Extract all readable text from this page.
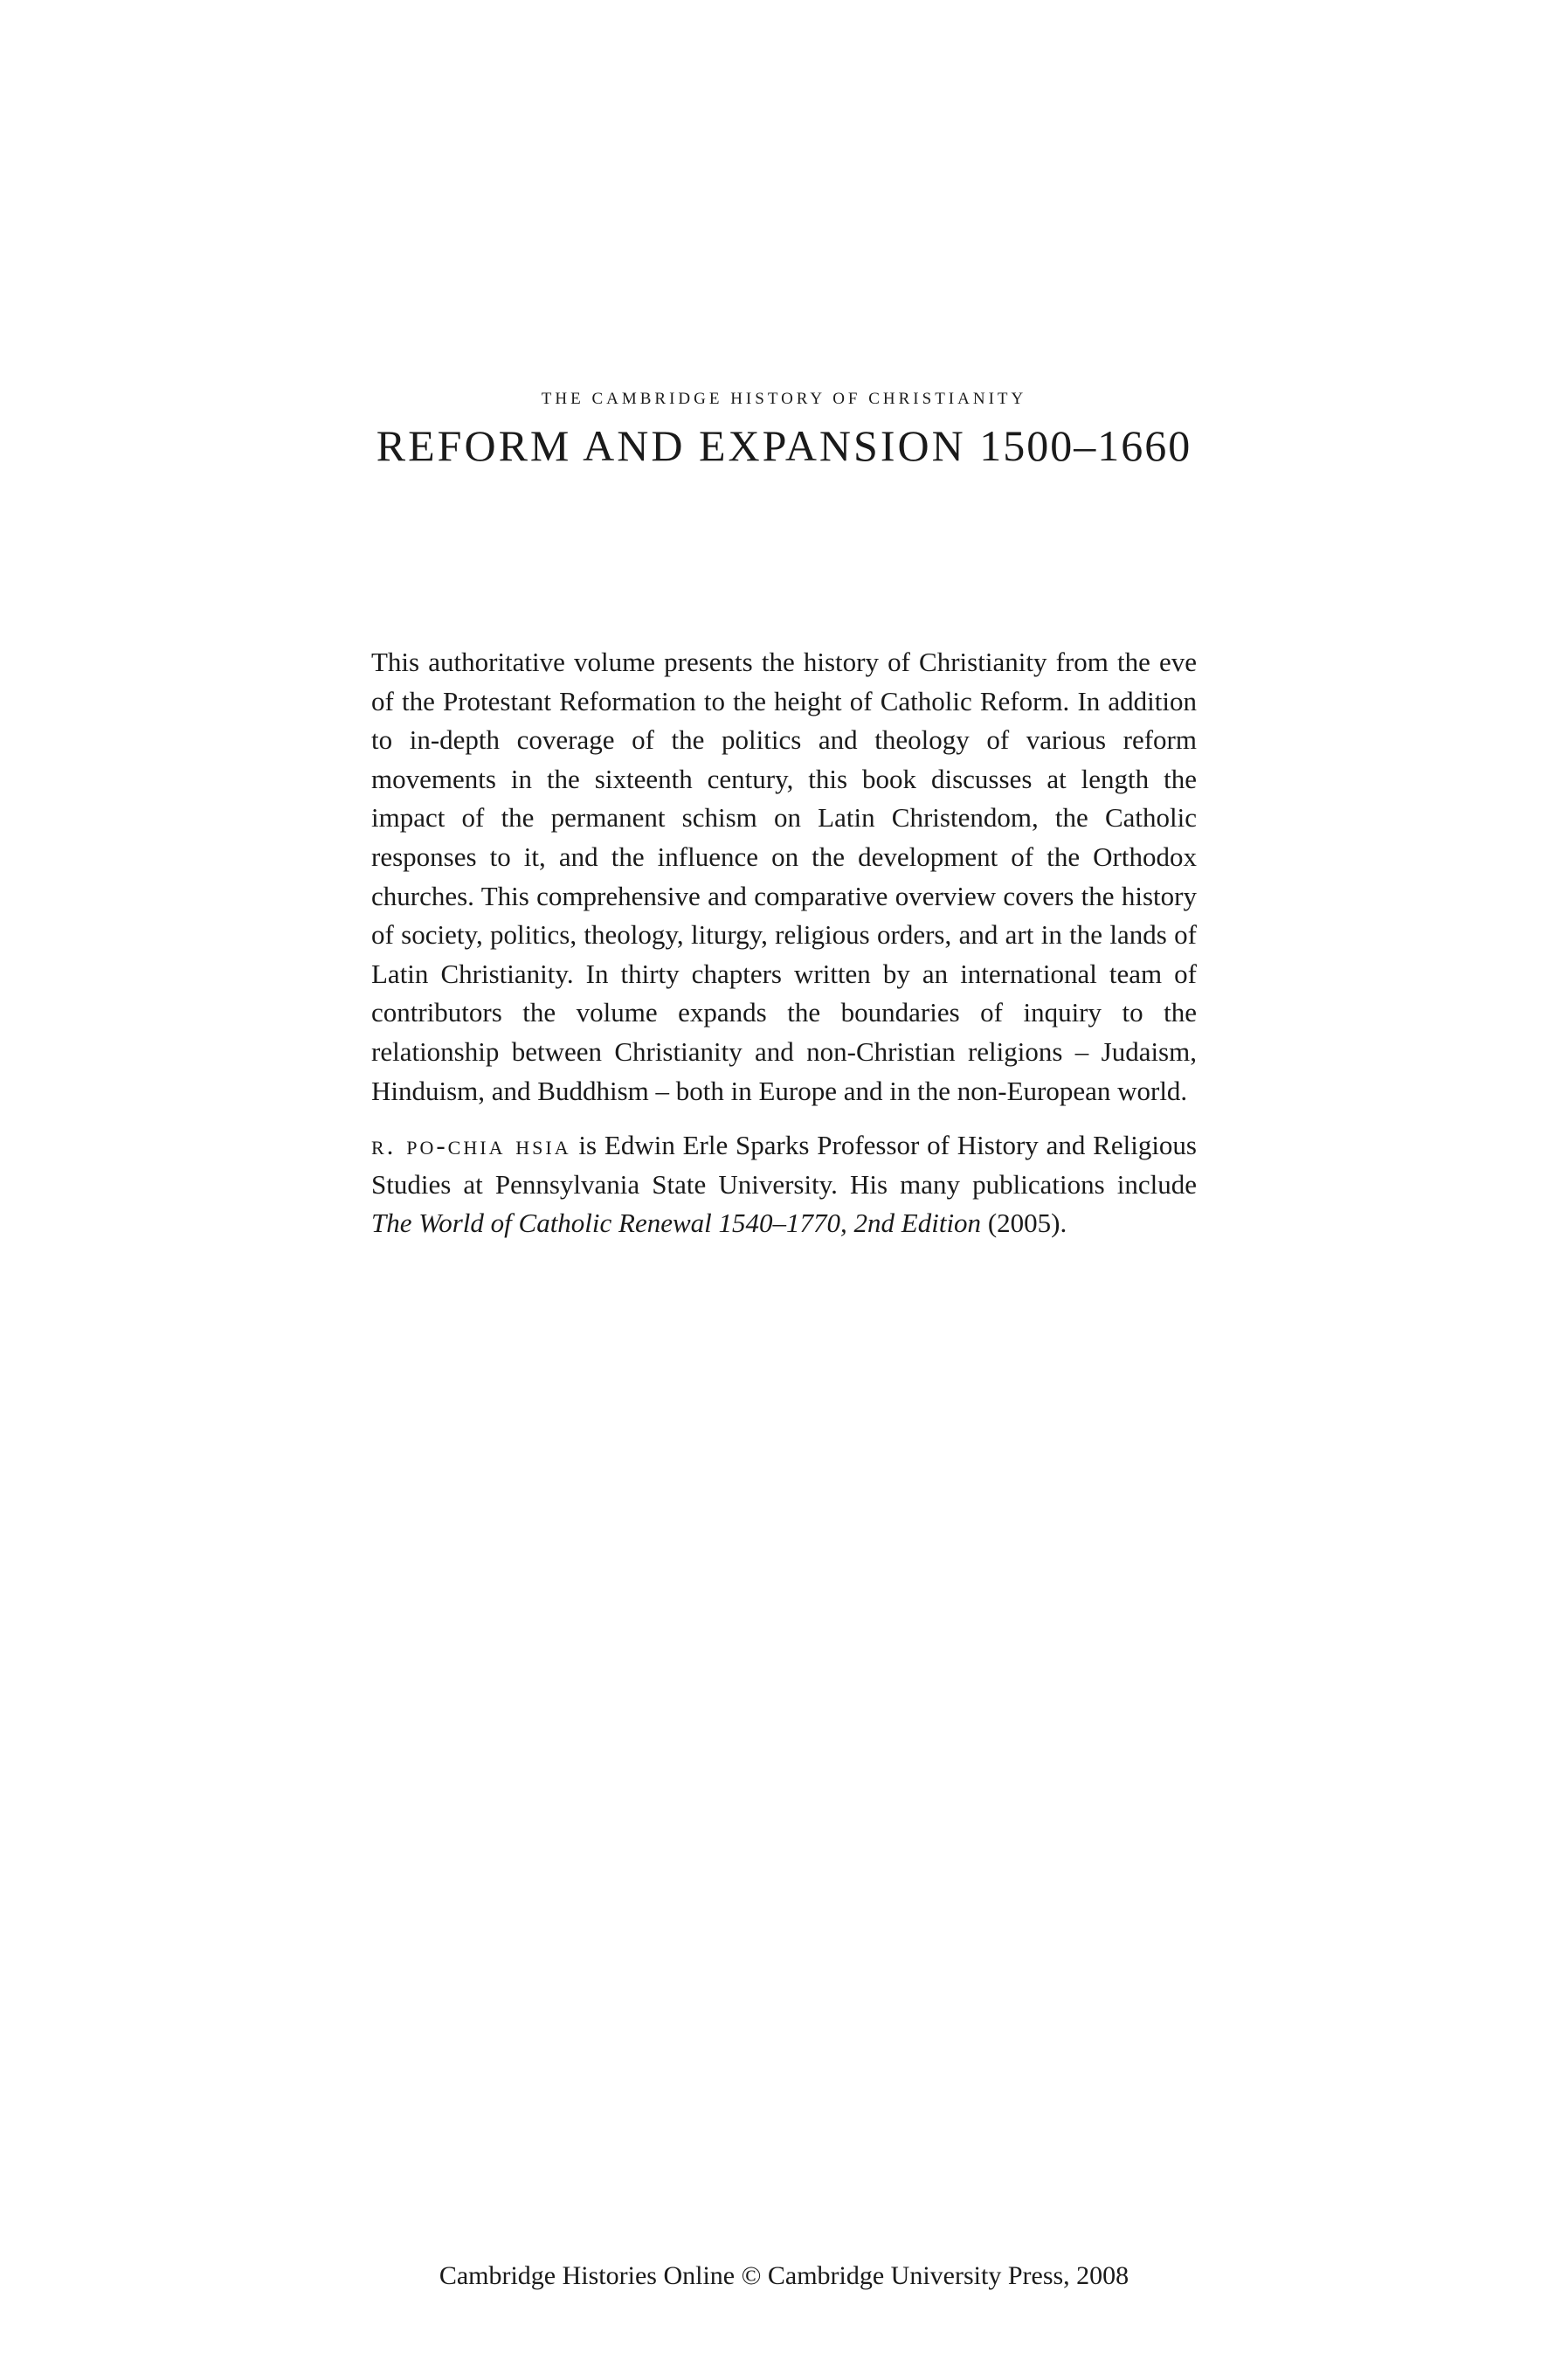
THE CAMBRIDGE HISTORY OF CHRISTIANITY
REFORM AND EXPANSION 1500–1660

This authoritative volume presents the history of Christianity from the eve of the Protestant Reformation to the height of Catholic Reform. In addition to in-depth coverage of the politics and theology of various reform movements in the sixteenth century, this book discusses at length the impact of the permanent schism on Latin Christendom, the Catholic responses to it, and the influence on the development of the Orthodox churches. This comprehensive and comparative overview covers the history of society, politics, theology, liturgy, religious orders, and art in the lands of Latin Christianity. In thirty chapters written by an international team of contributors the volume expands the boundaries of inquiry to the relationship between Christianity and non-Christian religions – Judaism, Hinduism, and Buddhism – both in Europe and in the non-European world.

r. po-chia hsia is Edwin Erle Sparks Professor of History and Religious Studies at Pennsylvania State University. His many publications include The World of Catholic Renewal 1540–1770, 2nd Edition (2005).

Cambridge Histories Online © Cambridge University Press, 2008
